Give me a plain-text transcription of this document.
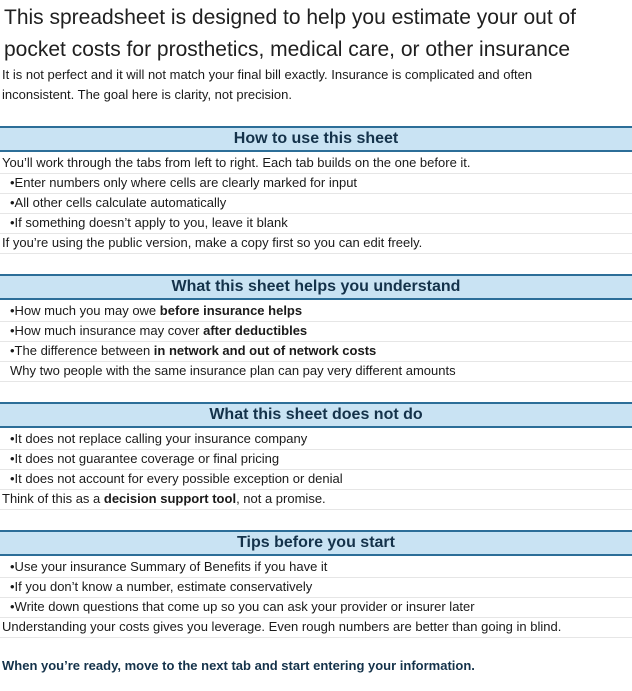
This spreadsheet is designed to help you estimate your out of
pocket costs for prosthetics, medical care, or other insurance
It is not perfect and it will not match your final bill exactly. Insurance is complicated and often
inconsistent. The goal here is clarity, not precision.
How to use this sheet
You’ll work through the tabs from left to right. Each tab builds on the one before it.
•Enter numbers only where cells are clearly marked for input
•All other cells calculate automatically
•If something doesn’t apply to you, leave it blank
If you’re using the public version, make a copy first so you can edit freely.
What this sheet helps you understand
•How much you may owe before insurance helps
•How much insurance may cover after deductibles
•The difference between in network and out of network costs
Why two people with the same insurance plan can pay very different amounts
What this sheet does not do
•It does not replace calling your insurance company
•It does not guarantee coverage or final pricing
•It does not account for every possible exception or denial
Think of this as a decision support tool, not a promise.
Tips before you start
•Use your insurance Summary of Benefits if you have it
•If you don’t know a number, estimate conservatively
•Write down questions that come up so you can ask your provider or insurer later
Understanding your costs gives you leverage. Even rough numbers are better than going in blind.
When you’re ready, move to the next tab and start entering your information.
